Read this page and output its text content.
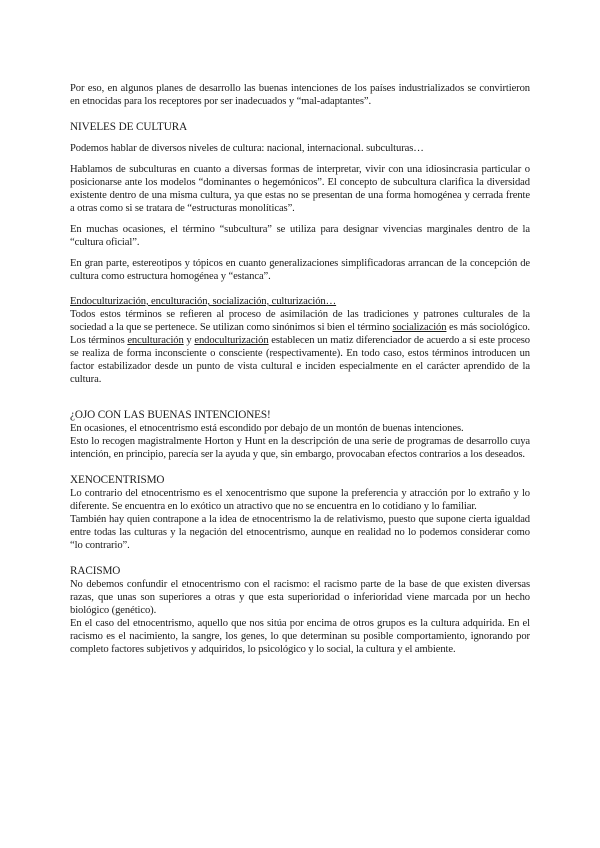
Por eso, en algunos planes de desarrollo las buenas intenciones de los países industrializados se convirtieron en etnocidas para los receptores por ser inadecuados y “mal-adaptantes”.

NIVELES DE CULTURA

Podemos hablar de diversos niveles de cultura: nacional, internacional. subculturas…

Hablamos de subculturas en cuanto a diversas formas de interpretar, vivir con una idiosincrasia particular o posicionarse ante los modelos “dominantes o hegemónicos”. El concepto de subcultura clarifica la diversidad existente dentro de una misma cultura, ya que estas no se presentan de una forma homogénea y cerrada frente a otras como si se tratara de “estructuras monolíticas”.

En muchas ocasiones, el término “subcultura” se utiliza para designar vivencias marginales dentro de la “cultura oficial”.

En gran parte, estereotipos y tópicos en cuanto generalizaciones simplificadoras arrancan de la concepción de cultura como estructura homogénea y “estanca”.

Endoculturización, enculturación, socialización, culturización…

Todos estos términos se refieren al proceso de asimilación de las tradiciones y patrones culturales de la sociedad a la que se pertenece. Se utilizan como sinónimos si bien el término socialización es más sociológico. Los términos enculturación y endoculturización establecen un matiz diferenciador de acuerdo a si este proceso se realiza de forma inconsciente o consciente (respectivamente). En todo caso, estos términos introducen un factor estabilizador desde un punto de vista cultural e inciden especialmente en el carácter aprendido de la cultura.

¿OJO CON LAS BUENAS INTENCIONES!

En ocasiones, el etnocentrismo está escondido por debajo de un montón de buenas intenciones.

Esto lo recogen magistralmente Horton y Hunt en la descripción de una serie de programas de desarrollo cuya intención, en principio, parecía ser la ayuda y que, sin embargo, provocaban efectos contrarios a los deseados.

XENOCENTRISMO

Lo contrario del etnocentrismo es el xenocentrismo que supone la preferencia y atracción por lo extraño y lo diferente. Se encuentra en lo exótico un atractivo que no se encuentra en lo cotidiano y lo familiar.

También hay quien contrapone a la idea de etnocentrismo la de relativismo, puesto que supone cierta igualdad entre todas las culturas y la negación del etnocentrismo, aunque en realidad no lo podemos considerar como “lo contrario”.

RACISMO

No debemos confundir el etnocentrismo con el racismo: el racismo parte de la base de que existen diversas razas, que unas son superiores a otras y que esta superioridad o inferioridad viene marcada por un hecho biológico (genético).

En el caso del etnocentrismo, aquello que nos sitúa por encima de otros grupos es la cultura adquirida. En el racismo es el nacimiento, la sangre, los genes, lo que determinan su posible comportamiento, ignorando por completo factores subjetivos y adquiridos, lo psicológico y lo social, la cultura y el ambiente.
